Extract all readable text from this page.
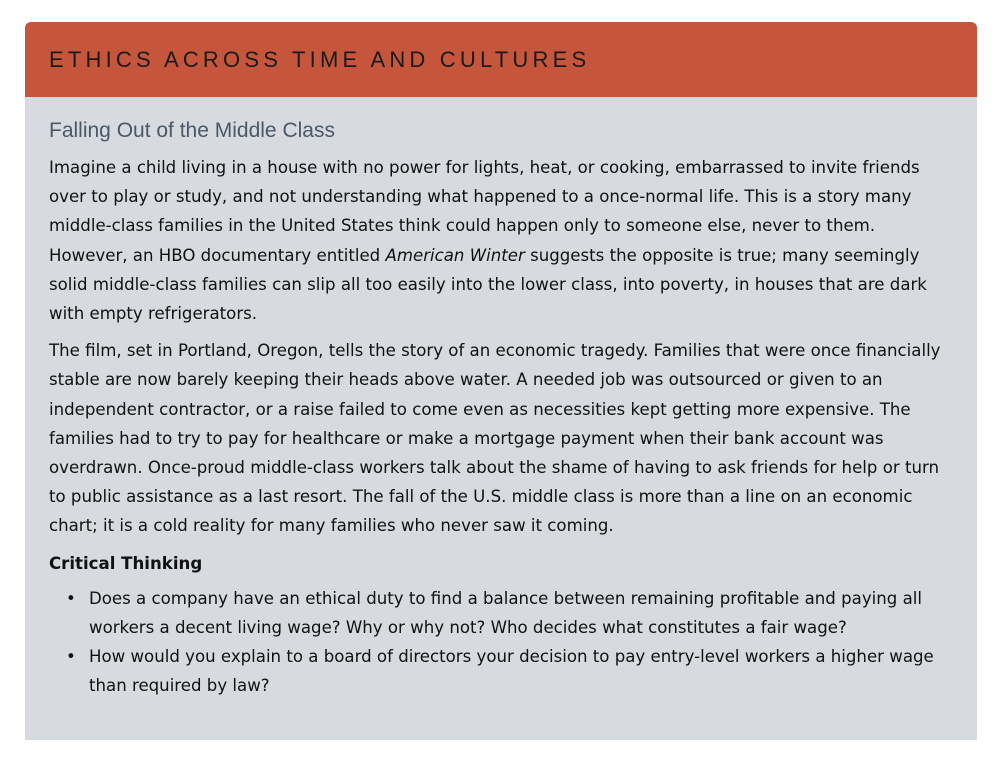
ETHICS ACROSS TIME AND CULTURES
Falling Out of the Middle Class

Imagine a child living in a house with no power for lights, heat, or cooking, embarrassed to invite friends over to play or study, and not understanding what happened to a once-normal life. This is a story many middle-class families in the United States think could happen only to someone else, never to them. However, an HBO documentary entitled American Winter suggests the opposite is true; many seemingly solid middle-class families can slip all too easily into the lower class, into poverty, in houses that are dark with empty refrigerators.

The film, set in Portland, Oregon, tells the story of an economic tragedy. Families that were once financially stable are now barely keeping their heads above water. A needed job was outsourced or given to an independent contractor, or a raise failed to come even as necessities kept getting more expensive. The families had to try to pay for healthcare or make a mortgage payment when their bank account was overdrawn. Once-proud middle-class workers talk about the shame of having to ask friends for help or turn to public assistance as a last resort. The fall of the U.S. middle class is more than a line on an economic chart; it is a cold reality for many families who never saw it coming.

Critical Thinking

• Does a company have an ethical duty to find a balance between remaining profitable and paying all workers a decent living wage? Why or why not? Who decides what constitutes a fair wage?
• How would you explain to a board of directors your decision to pay entry-level workers a higher wage than required by law?
